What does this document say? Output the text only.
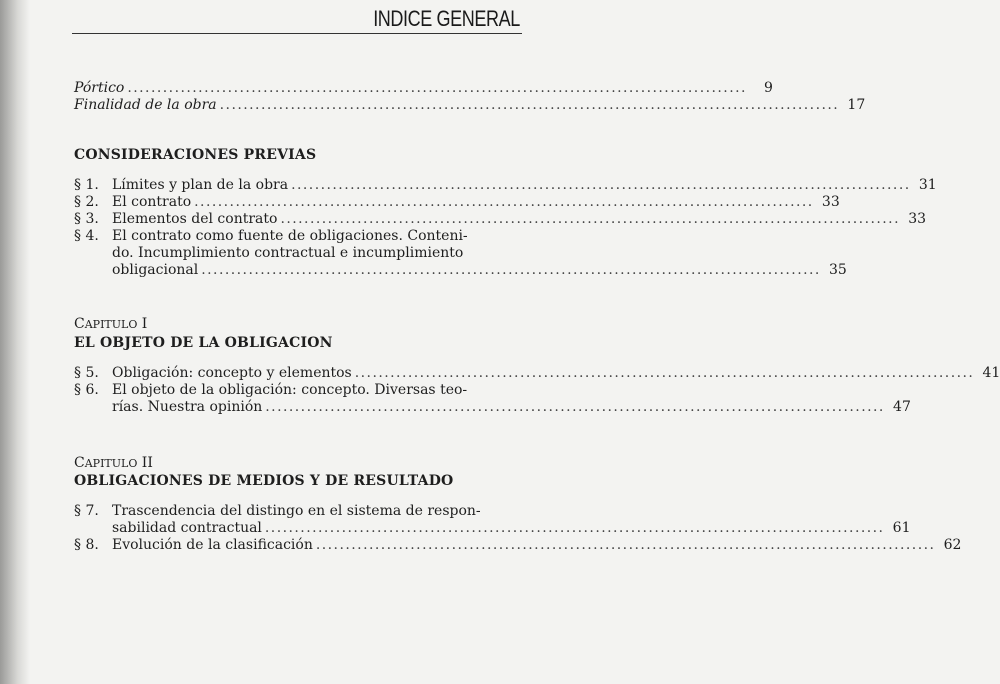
INDICE GENERAL
Pórtico . . .	9
Finalidad de la obra . . .	17
CONSIDERACIONES PREVIAS
§ 1. Límites y plan de la obra . . .	31
§ 2. El contrato . . .	33
§ 3. Elementos del contrato . . .	33
§ 4. El contrato como fuente de obligaciones. Conteni-
do. Incumplimiento contractual e incumplimiento
obligacional . . .	35
CAPITULO I
EL OBJETO DE LA OBLIGACION
§ 5. Obligación: concepto y elementos . . .	41
§ 6. El objeto de la obligación: concepto. Diversas teo-
rías. Nuestra opinión . . .	47
CAPITULO II
OBLIGACIONES DE MEDIOS Y DE RESULTADO
§ 7. Trascendencia del distingo en el sistema de respon-
sabilidad contractual . . .	61
§ 8. Evolución de la clasificación . . .	62
